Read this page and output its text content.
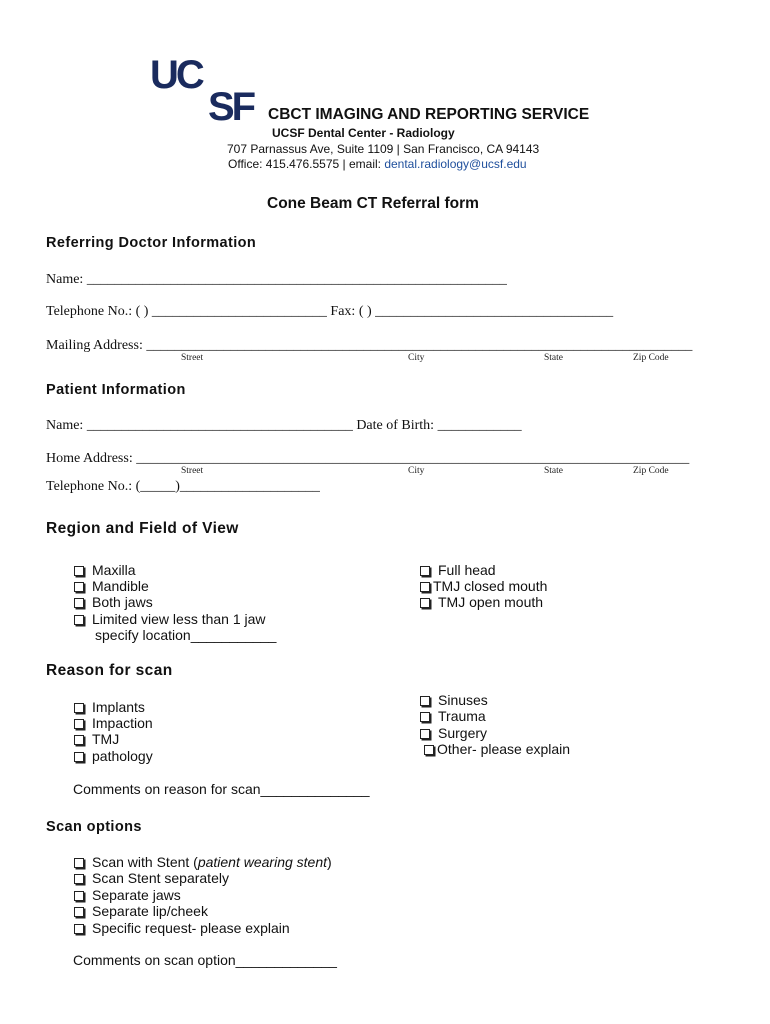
UC
SF CBCT IMAGING AND REPORTING SERVICE
UCSF Dental Center - Radiology
707 Parnassus Ave, Suite 1109 | San Francisco, CA 94143
Office: 415.476.5575 | email: dental.radiology@ucsf.edu
Cone Beam CT Referral form
Referring Doctor Information
Name: ____________________________________________________________
Telephone No.: ( ) _________________________ Fax: ( ) __________________________________
Mailing Address: ______________________________________________________________________________
Street	City	State	Zip Code
Patient Information
Name: ______________________________________ Date of Birth: ____________
Home Address: _______________________________________________________________________________
Street	City	State	Zip Code
Telephone No.: (_____)____________________
Region and Field of View
Maxilla
Mandible
Both jaws
Limited view less than 1 jaw
specify location___________
Full head
TMJ closed mouth
TMJ open mouth
Reason for scan
Implants
Impaction
TMJ
pathology
Sinuses
Trauma
Surgery
Other- please explain
Comments on reason for scan______________
Scan options
Scan with Stent (patient wearing stent)
Scan Stent separately
Separate jaws
Separate lip/cheek
Specific request- please explain
Comments on scan option_____________
